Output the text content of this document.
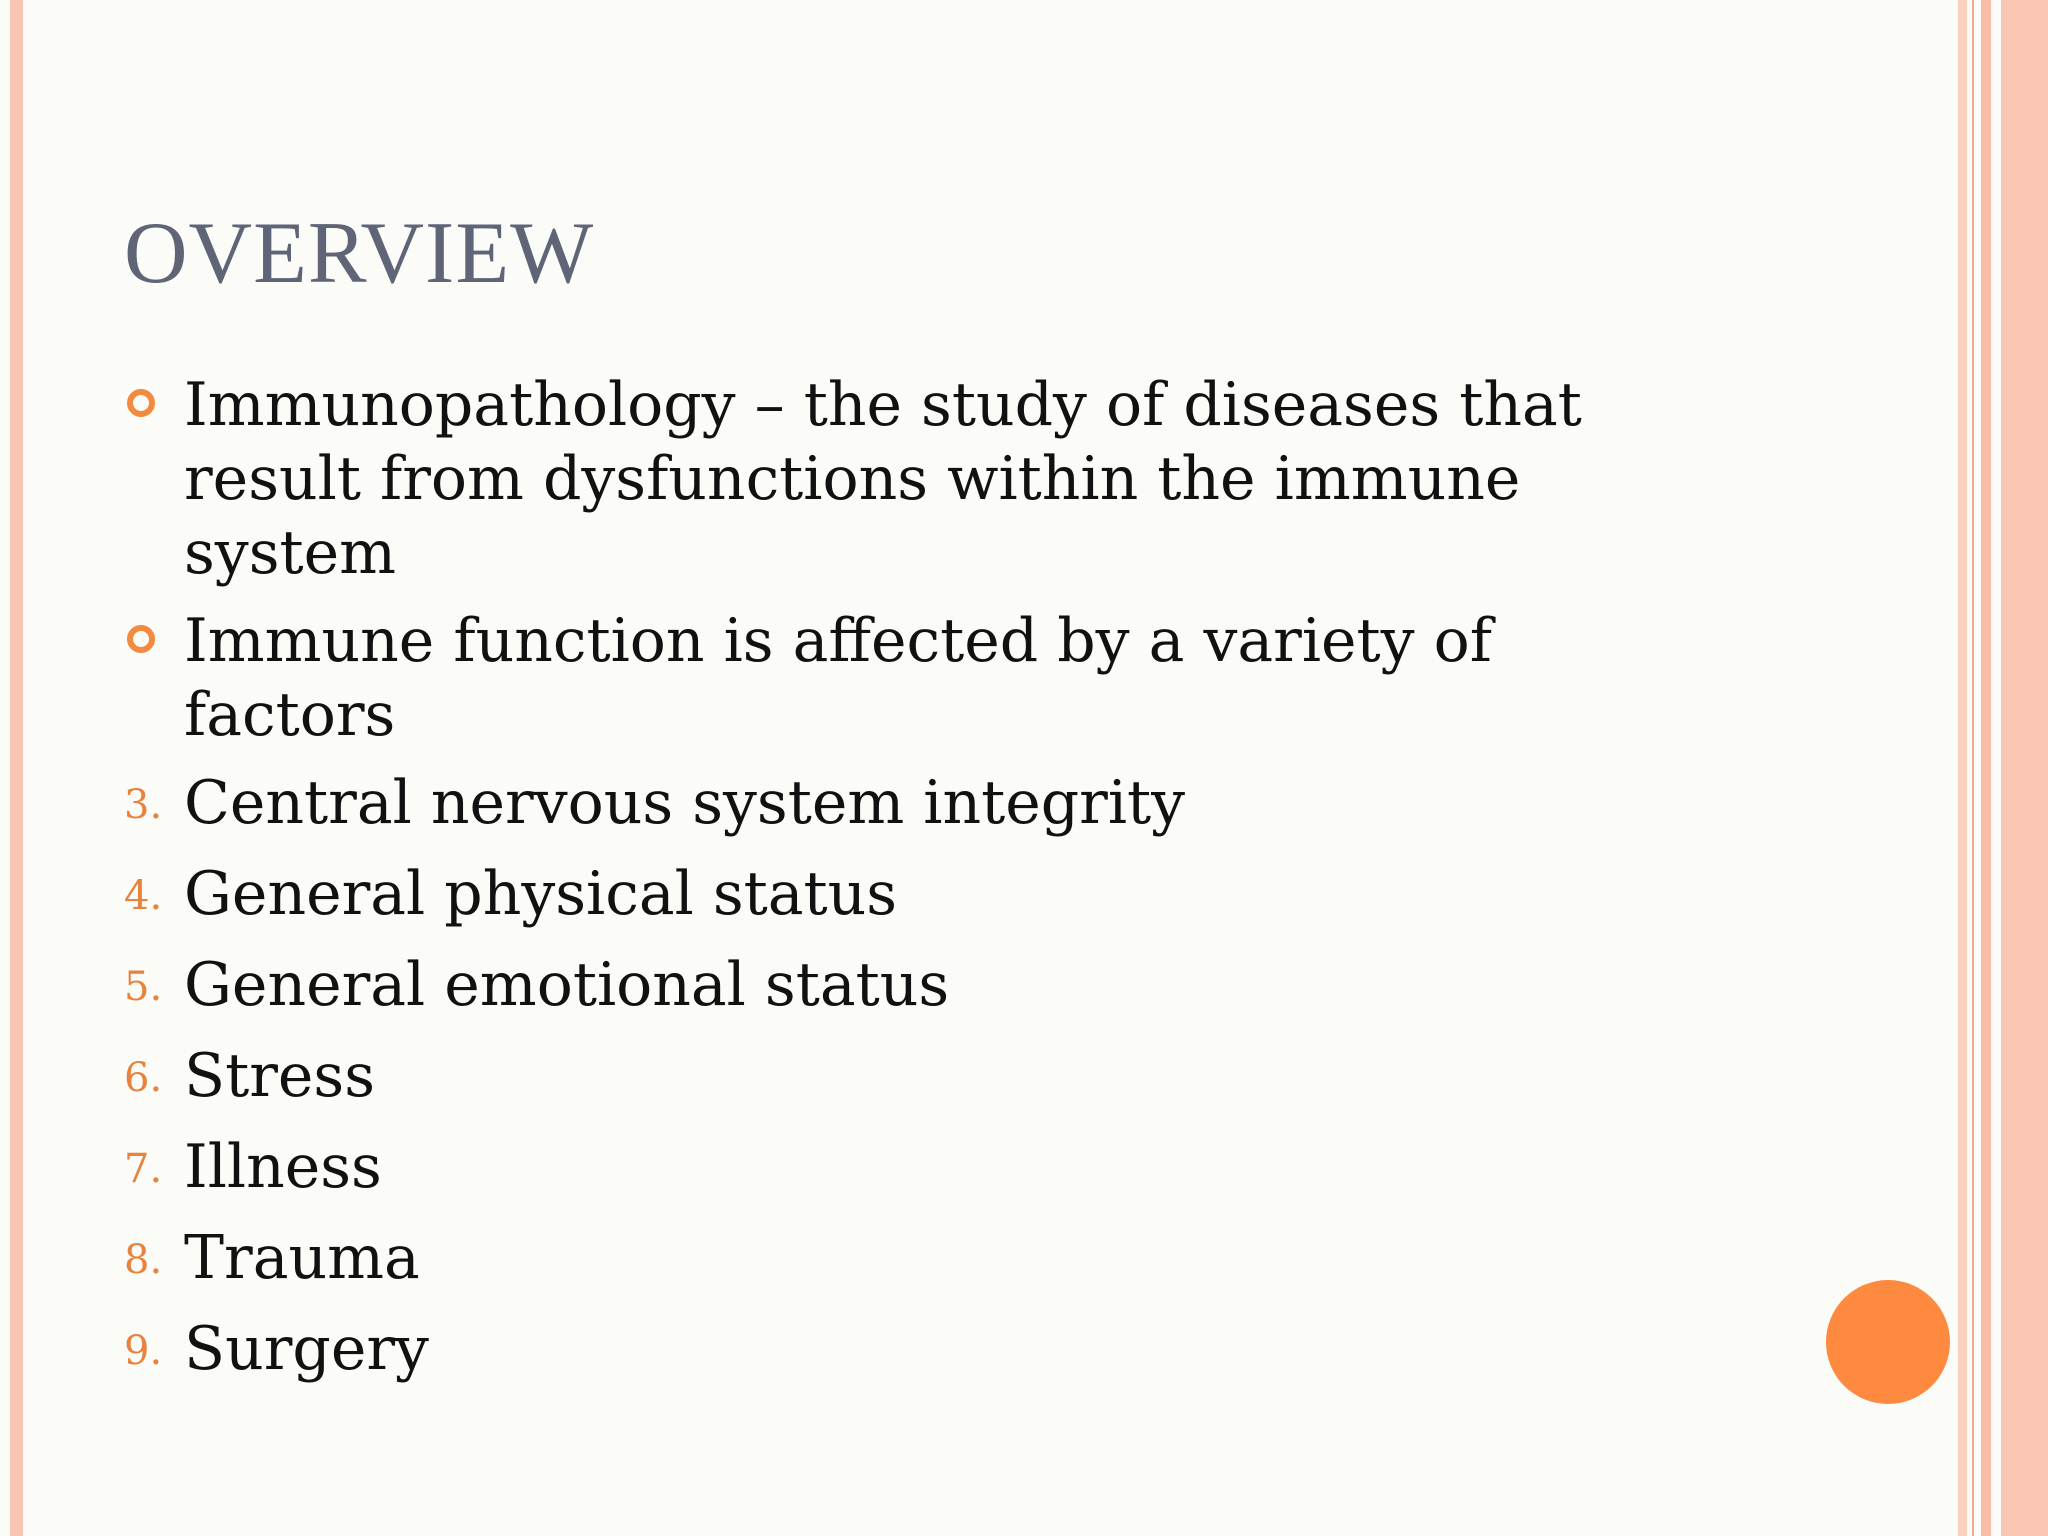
OVERVIEW
Immunopathology – the study of diseases that result from dysfunctions within the immune system
Immune function is affected by a variety of factors
3. Central nervous system integrity
4. General physical status
5. General emotional status
6. Stress
7. Illness
8. Trauma
9. Surgery
